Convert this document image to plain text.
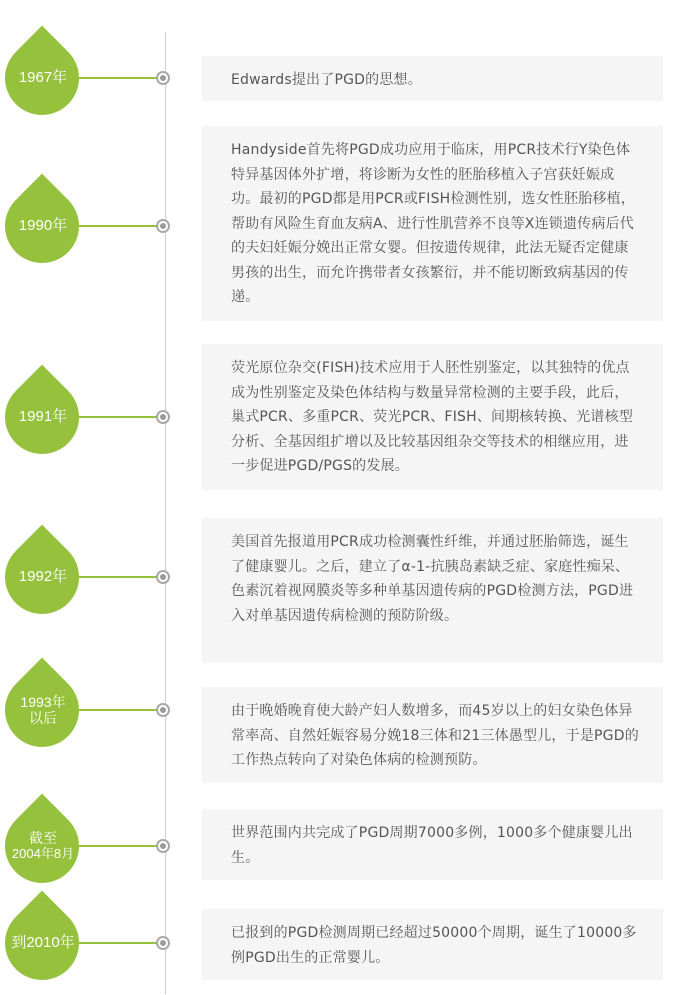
1967年	Edwards提出了PGD的思想。

1990年

Handyside首先将PGD成功应用于临床，用PCR技术行Y染色体特异基因体外扩增，将诊断为女性的胚胎移植入子宫获妊娠成功。最初的PGD都是用PCR或FISH检测性别，选女性胚胎移植，帮助有风险生育血友病A、进行性肌营养不良等X连锁遗传病后代的夫妇妊娠分娩出正常女婴。但按遗传规律，此法无疑否定健康男孩的出生，而允许携带者女孩繁衍，并不能切断致病基因的传递。

1991年

荧光原位杂交(FISH)技术应用于人胚性别鉴定，以其独特的优点成为性别鉴定及染色体结构与数量异常检测的主要手段，此后，巢式PCR、多重PCR、荧光PCR、FISH、间期核转换、光谱核型分析、全基因组扩增以及比较基因组杂交等技术的相继应用，进一步促进PGD/PGS的发展。

1992年

美国首先报道用PCR成功检测囊性纤维，并通过胚胎筛选，诞生了健康婴儿。之后，建立了α-1-抗胰岛素缺乏症、家庭性痴呆、色素沉着视网膜炎等多种单基因遗传病的PGD检测方法，PGD进入对单基因遗传病检测的预防阶级。

1993年
以后	由于晚婚晚育使大龄产妇人数增多，而45岁以上的妇女染色体异常率高、自然妊娠容易分娩18三体和21三体愚型儿，于是PGD的工作热点转向了对染色体病的检测预防。

截至
2004年8月

世界范围内共完成了PGD周期7000多例，1000多个健康婴儿出生。

到2010年

已报到的PGD检测周期已经超过50000个周期，诞生了10000多例PGD出生的正常婴儿。
